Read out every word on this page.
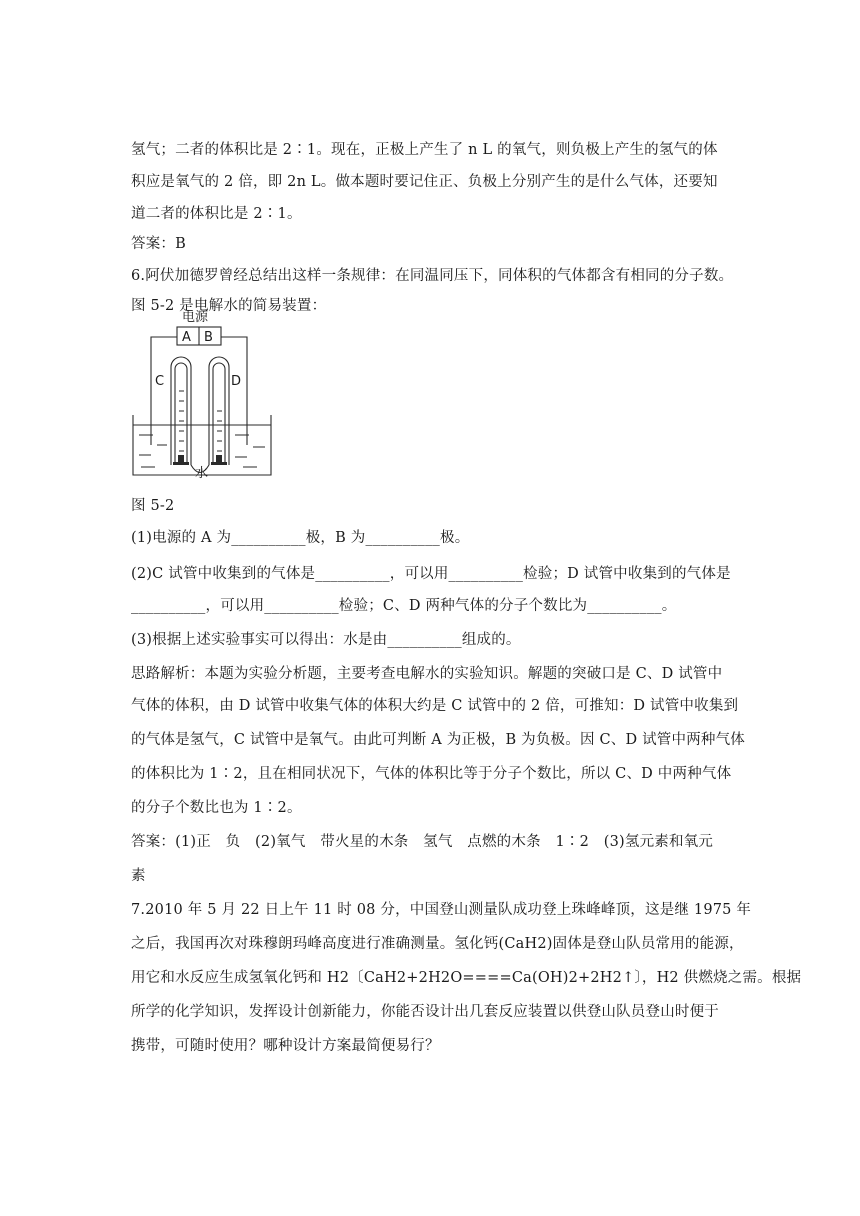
氢气；二者的体积比是 2∶1。现在，正极上产生了 n L 的氧气，则负极上产生的氢气的体
积应是氧气的 2 倍，即 2n L。做本题时要记住正、负极上分别产生的是什么气体，还要知
道二者的体积比是 2∶1。
答案：B
6.阿伏加德罗曾经总结出这样一条规律：在同温同压下，同体积的气体都含有相同的分子数。
图 5-2 是电解水的简易装置：
电源
A B
C	D
水
图 5-2
(1)电源的 A 为__________极，B 为__________极。
(2)C 试管中收集到的气体是__________，可以用__________检验；D 试管中收集到的气体是
__________，可以用__________检验；C、D 两种气体的分子个数比为__________。
(3)根据上述实验事实可以得出：水是由__________组成的。
思路解析：本题为实验分析题，主要考查电解水的实验知识。解题的突破口是 C、D 试管中
气体的体积，由 D 试管中收集气体的体积大约是 C 试管中的 2 倍，可推知：D 试管中收集到
的气体是氢气，C 试管中是氧气。由此可判断 A 为正极，B 为负极。因 C、D 试管中两种气体
的体积比为 1∶2，且在相同状况下，气体的体积比等于分子个数比，所以 C、D 中两种气体
的分子个数比也为 1∶2。
答案：(1)正　负　(2)氧气　带火星的木条　氢气　点燃的木条　1∶2　(3)氢元素和氧元
素
7.2010 年 5 月 22 日上午 11 时 08 分，中国登山测量队成功登上珠峰峰顶，这是继 1975 年
之后，我国再次对珠穆朗玛峰高度进行准确测量。氢化钙(CaH2)固体是登山队员常用的能源，
用它和水反应生成氢氧化钙和 H2〔CaH2+2H2O====Ca(OH)2+2H2↑〕，H2 供燃烧之需。根据
所学的化学知识，发挥设计创新能力，你能否设计出几套反应装置以供登山队员登山时便于
携带，可随时使用？哪种设计方案最简便易行？
